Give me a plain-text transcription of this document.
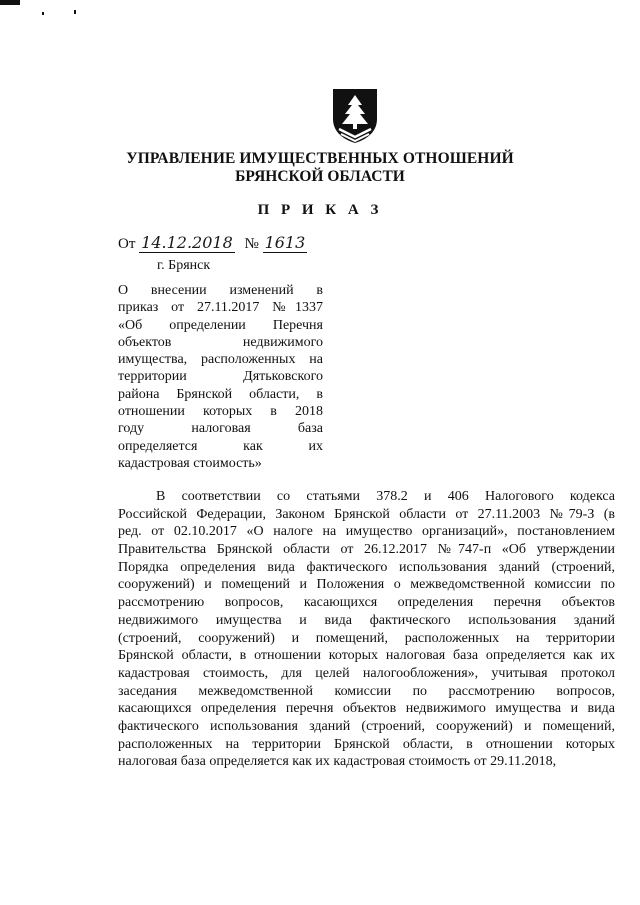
УПРАВЛЕНИЕ ИМУЩЕСТВЕННЫХ ОТНОШЕНИЙ
БРЯНСКОЙ ОБЛАСТИ
П Р И К А З
От 14.12.2018 № 1613
г. Брянск
О внесении изменений в
приказ от 27.11.2017 №1337
«Об определении Перечня
объектов недвижимого
имущества, расположенных на
территории Дятьковского
района Брянской области, в
отношении которых в 2018
году налоговая база
определяется как их
кадастровая стоимость»
В соответствии со статьями 378.2 и 406 Налогового кодекса
Российской Федерации, Законом Брянской области от 27.11.2003 №79-З (в
ред. от 02.10.2017 «О налоге на имущество организаций», постановлением
Правительства Брянской области от 26.12.2017 №747-п «Об утверждении
Порядка определения вида фактического использования зданий (строений,
сооружений) и помещений и Положения о межведомственной комиссии по
рассмотрению вопросов, касающихся определения перечня объектов
недвижимого имущества и вида фактического использования зданий
(строений, сооружений) и помещений, расположенных на территории
Брянской области, в отношении которых налоговая база определяется как их
кадастровая стоимость, для целей налогообложения», учитывая протокол
заседания межведомственной комиссии по рассмотрению вопросов,
касающихся определения перечня объектов недвижимого имущества и вида
фактического использования зданий (строений, сооружений) и помещений,
расположенных на территории Брянской области, в отношении которых
налоговая база определяется как их кадастровая стоимость от 29.11.2018,
